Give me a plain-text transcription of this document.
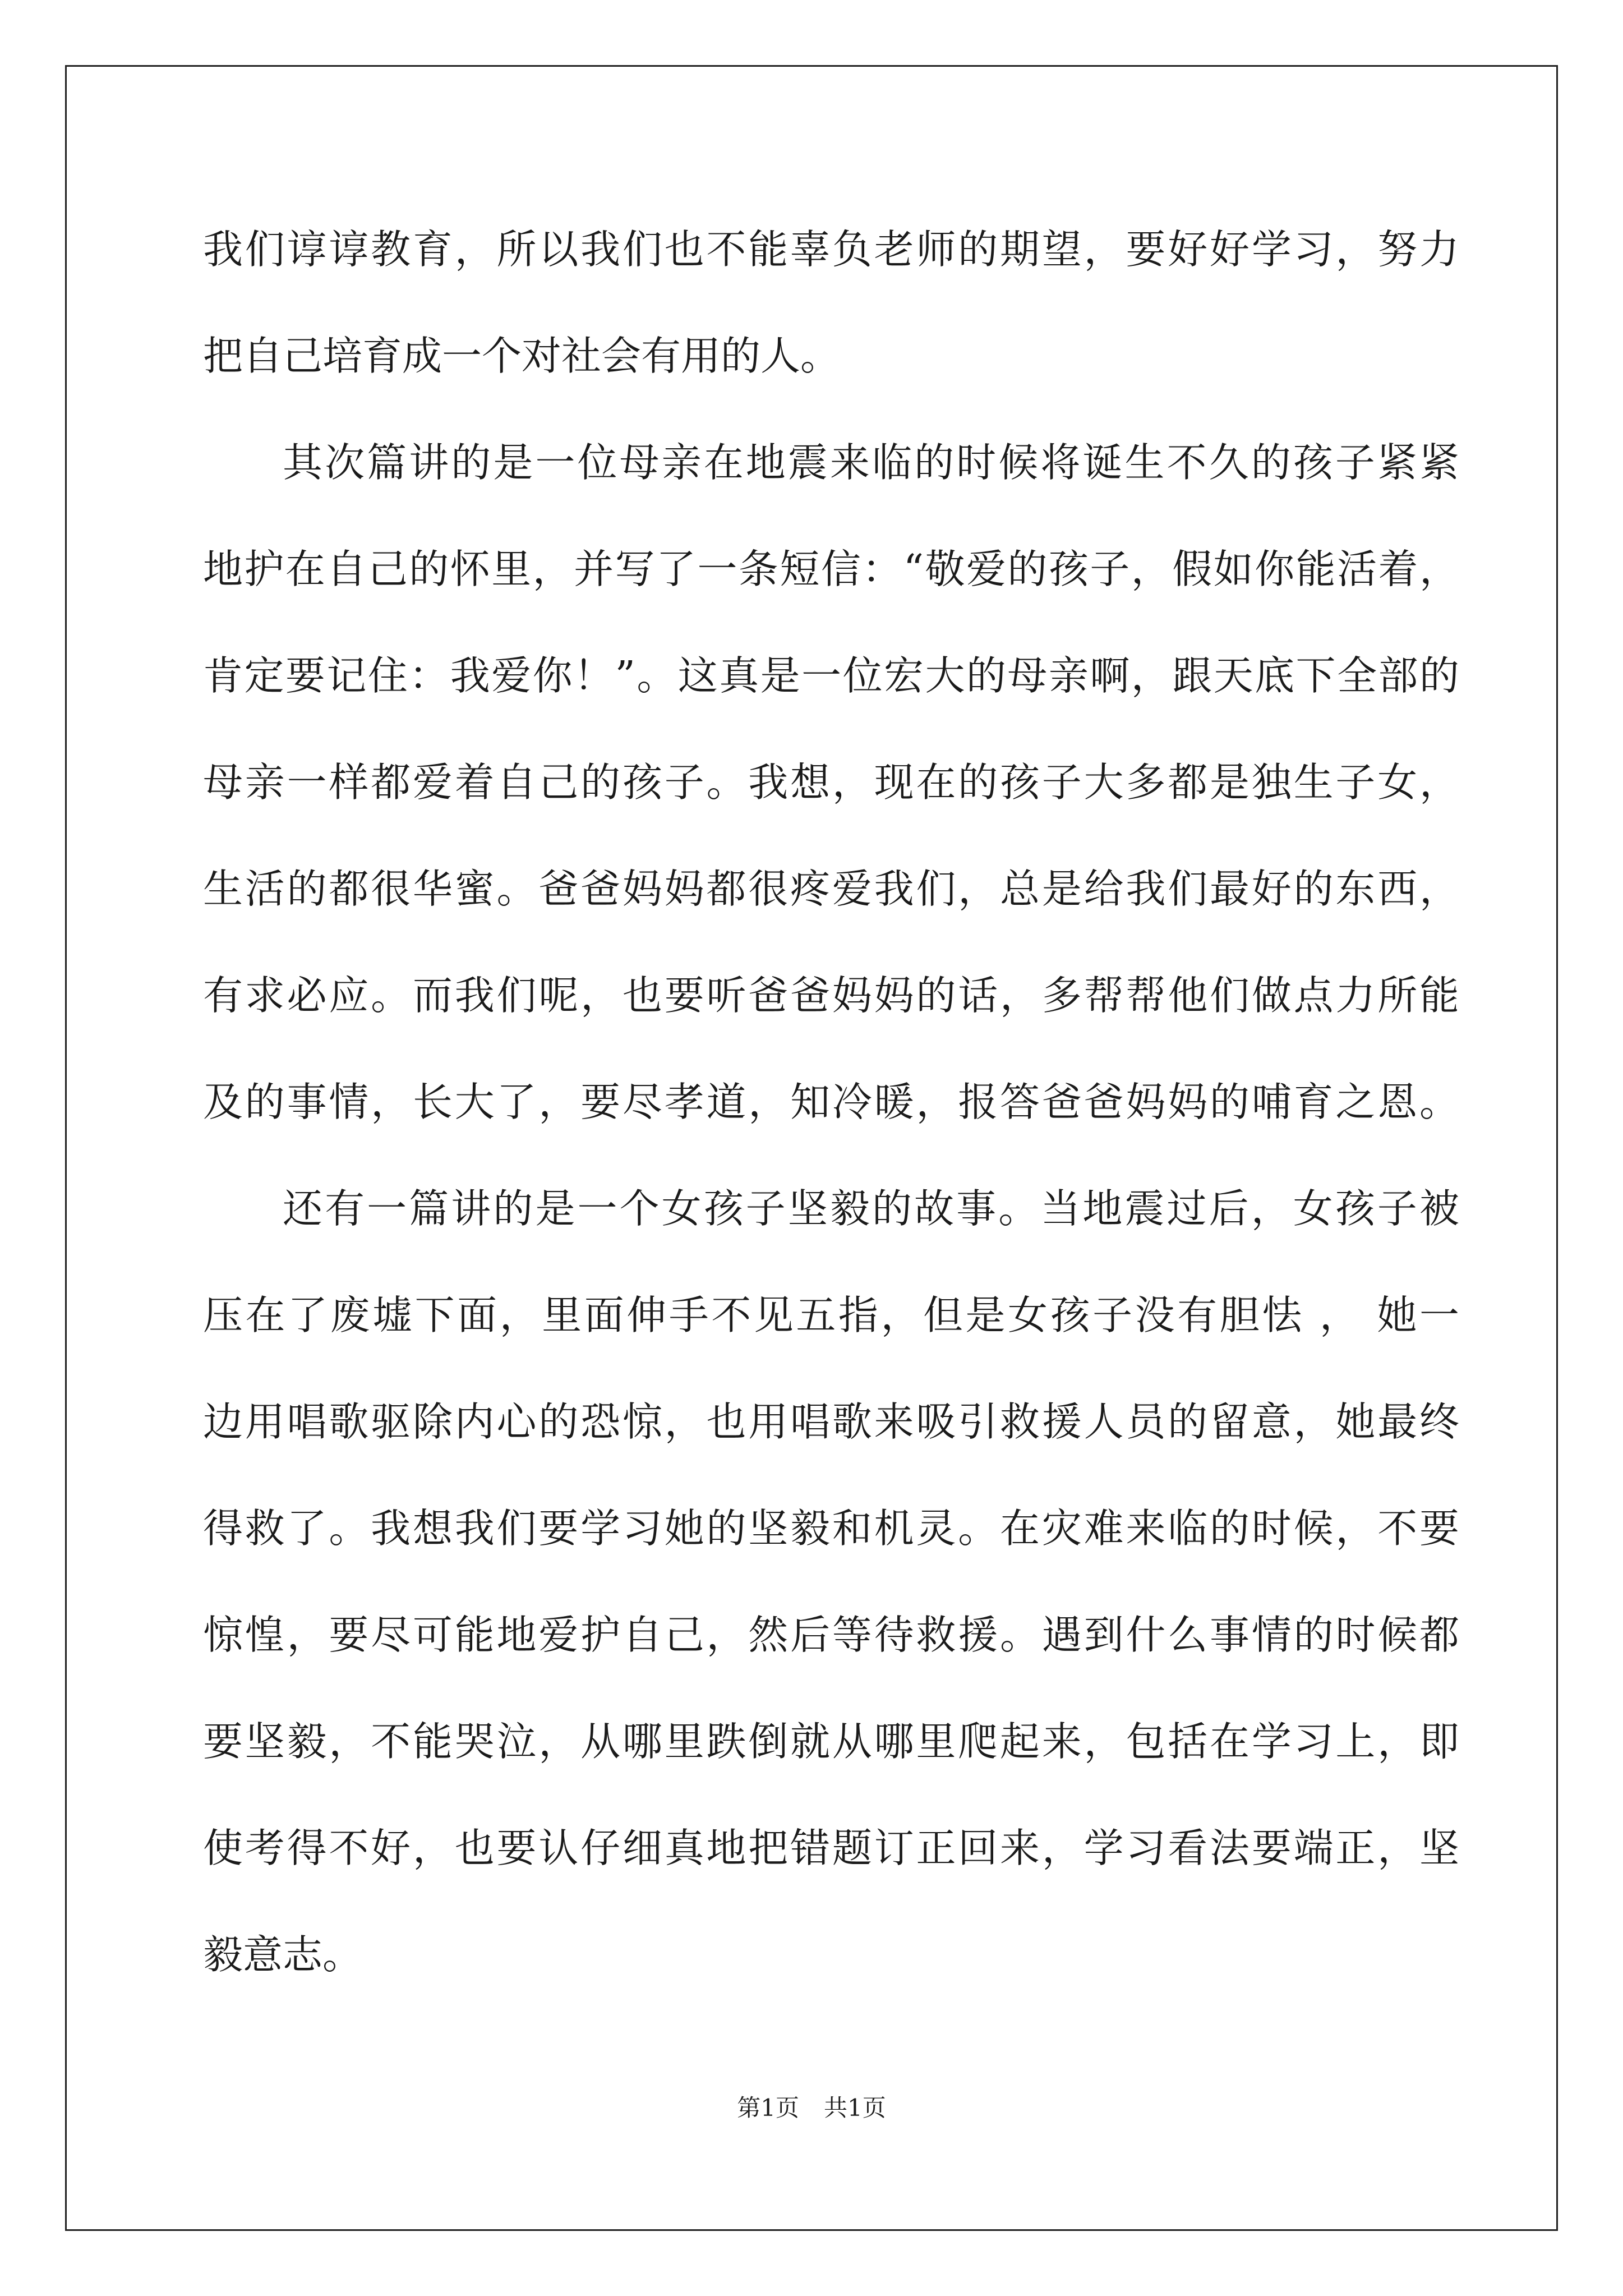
我们谆谆教育，所以我们也不能辜负老师的期望，要好好学习，努力
把自己培育成一个对社会有用的人。
其次篇讲的是一位母亲在地震来临的时候将诞生不久的孩子紧紧
地护在自己的怀里，并写了一条短信：“敬爱的孩子，假如你能活着，
肯定要记住：我爱你！”。这真是一位宏大的母亲啊，跟天底下全部的
母亲一样都爱着自己的孩子。我想，现在的孩子大多都是独生子女，
生活的都很华蜜。爸爸妈妈都很疼爱我们，总是给我们最好的东西，
有求必应。而我们呢，也要听爸爸妈妈的话，多帮帮他们做点力所能
及的事情，长大了，要尽孝道，知冷暖，报答爸爸妈妈的哺育之恩。
还有一篇讲的是一个女孩子坚毅的故事。当地震过后，女孩子被
压在了废墟下面，里面伸手不见五指，但是女孩子没有胆怯 ， 她一
边用唱歌驱除内心的恐惊，也用唱歌来吸引救援人员的留意，她最终
得救了。我想我们要学习她的坚毅和机灵。在灾难来临的时候，不要
惊惶，要尽可能地爱护自己，然后等待救援。遇到什么事情的时候都
要坚毅，不能哭泣，从哪里跌倒就从哪里爬起来，包括在学习上，即
使考得不好，也要认仔细真地把错题订正回来，学习看法要端正，坚
毅意志。
第1页 共1页
